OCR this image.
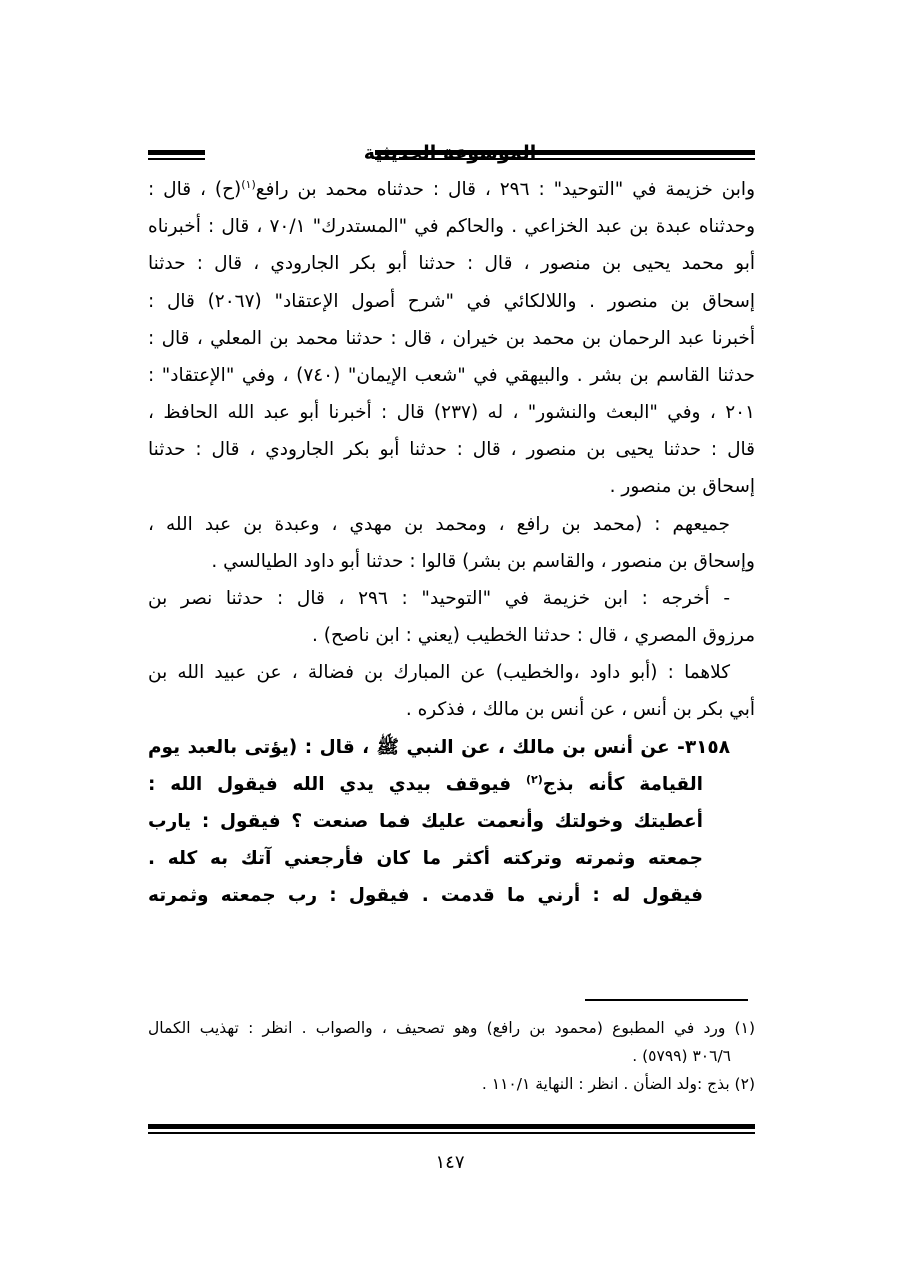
الموسوعة الحديثية
وابن خزيمة في "التوحيد" : ٢٩٦ ، قال : حدثناه محمد بن رافع$^{(١)}$(ح) ، قال :
وحدثناه عبدة بن عبد الخزاعي . والحاكم في "المستدرك" ٧٠/١ ، قال : أخبرناه
أبو محمد يحيى بن منصور ، قال : حدثنا أبو بكر الجارودي ، قال : حدثنا
إسحاق بن منصور . واللالكائي في "شرح أصول الإعتقاد" (٢٠٦٧) قال :
أخبرنا عبد الرحمان بن محمد بن خيران ، قال : حدثنا محمد بن المعلي ، قال :
حدثنا القاسم بن بشر . والبيهقي في "شعب الإيمان" (٧٤٠) ، وفي "الإعتقاد" :
٢٠١ ، وفي "البعث والنشور" ، له (٢٣٧) قال : أخبرنا أبو عبد الله الحافظ ،
قال : حدثنا يحيى بن منصور ، قال : حدثنا أبو بكر الجارودي ، قال : حدثنا
إسحاق بن منصور .
جميعهم : (محمد بن رافع ، ومحمد بن مهدي ، وعبدة بن عبد الله ،
وإسحاق بن منصور ، والقاسم بن بشر) قالوا : حدثنا أبو داود الطيالسي .
- أخرجه : ابن خزيمة في "التوحيد" : ٢٩٦ ، قال : حدثنا نصر بن
مرزوق المصري ، قال : حدثنا الخطيب (يعني : ابن ناصح) .
كلاهما : (أبو داود ،والخطيب) عن المبارك بن فضالة ، عن عبيد الله بن
أبي بكر بن أنس ، عن أنس بن مالك ، فذكره .
٣١٥٨- عن أنس بن مالك ، عن النبي ﷺ ، قال : (يؤتى بالعبد يوم
القيامة كأنه بذج$^{(٢)}$ فيوقف بيدي يدي الله فيقول الله :
أعطيتك وخولتك وأنعمت عليك فما صنعت ؟ فيقول : يارب
جمعته وثمرته وتركته أكثر ما كان فأرجعني آتك به كله .
فيقول له : أرني ما قدمت . فيقول : رب جمعته وثمرته
(١) ورد في المطبوع (محمود بن رافع) وهو تصحيف ، والصواب . انظر : تهذيب الكمال
٣٠٦/٦ (٥٧٩٩) .
(٢) بذج :ولد الضأن . انظر : النهاية ١١٠/١ .
١٤٧
